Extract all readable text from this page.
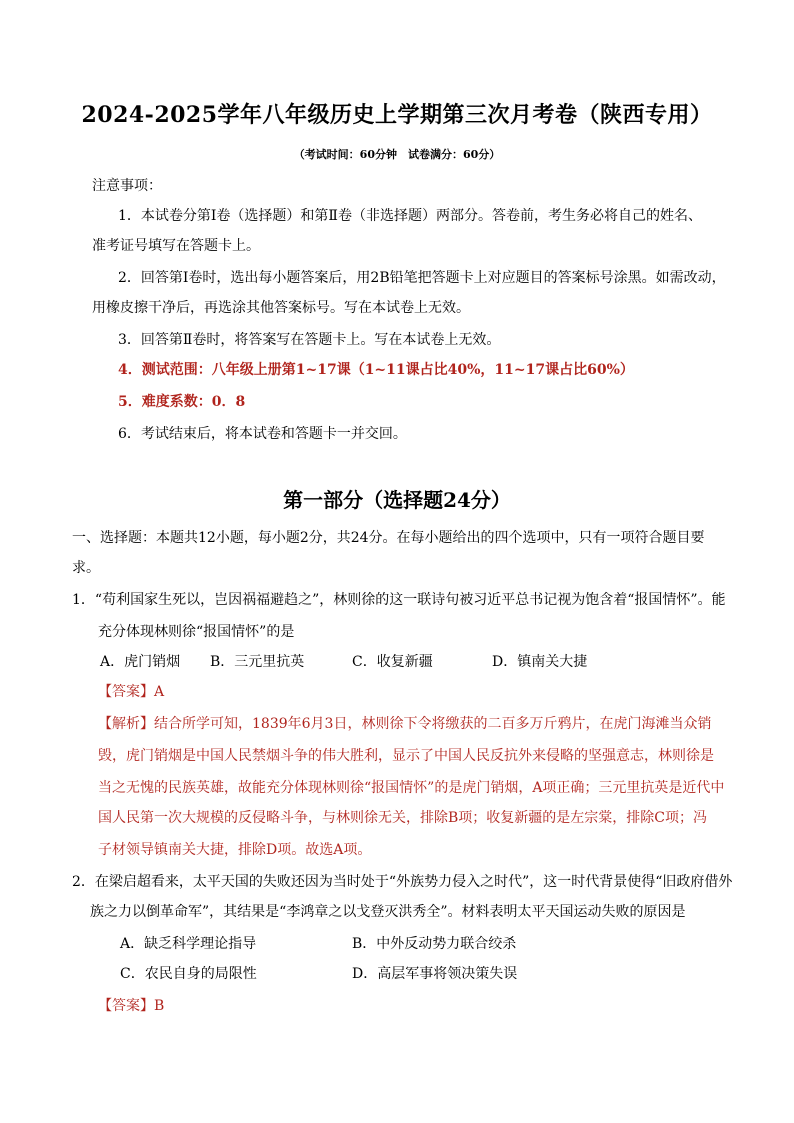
2024-2025学年八年级历史上学期第三次月考卷（陕西专用）
（考试时间：60分钟　试卷满分：60分）
注意事项：
1．本试卷分第Ⅰ卷（选择题）和第Ⅱ卷（非选择题）两部分。答卷前，考生务必将自己的姓名、
准考证号填写在答题卡上。
2．回答第Ⅰ卷时，选出每小题答案后，用2B铅笔把答题卡上对应题目的答案标号涂黑。如需改动，
用橡皮擦干净后，再选涂其他答案标号。写在本试卷上无效。
3．回答第Ⅱ卷时，将答案写在答题卡上。写在本试卷上无效。
4．测试范围：八年级上册第1~17课（1~11课占比40%，11~17课占比60%）
5．难度系数：0．8
6．考试结束后，将本试卷和答题卡一并交回。
第一部分（选择题24分）
一、选择题：本题共12小题，每小题2分，共24分。在每小题给出的四个选项中，只有一项符合题目要
求。
1．“苟利国家生死以，岂因祸福避趋之”，林则徐的这一联诗句被习近平总书记视为饱含着“报国情怀”。能
充分体现林则徐“报国情怀”的是
A．虎门销烟 B．三元里抗英	C．收复新疆	D．镇南关大捷
【答案】A
【解析】结合所学可知，1839年6月3日，林则徐下令将缴获的二百多万斤鸦片，在虎门海滩当众销
毁，虎门销烟是中国人民禁烟斗争的伟大胜利，显示了中国人民反抗外来侵略的坚强意志，林则徐是
当之无愧的民族英雄，故能充分体现林则徐“报国情怀”的是虎门销烟，A项正确；三元里抗英是近代中
国人民第一次大规模的反侵略斗争，与林则徐无关，排除B项；收复新疆的是左宗棠，排除C项；冯
子材领导镇南关大捷，排除D项。故选A项。
2．在梁启超看来，太平天国的失败还因为当时处于“外族势力侵入之时代”，这一时代背景使得“旧政府借外
族之力以倒革命军”，其结果是“李鸿章之以戈登灭洪秀全”。材料表明太平天国运动失败的原因是
A．缺乏科学理论指导	B．中外反动势力联合绞杀
C．农民自身的局限性	D．高层军事将领决策失误
【答案】B
